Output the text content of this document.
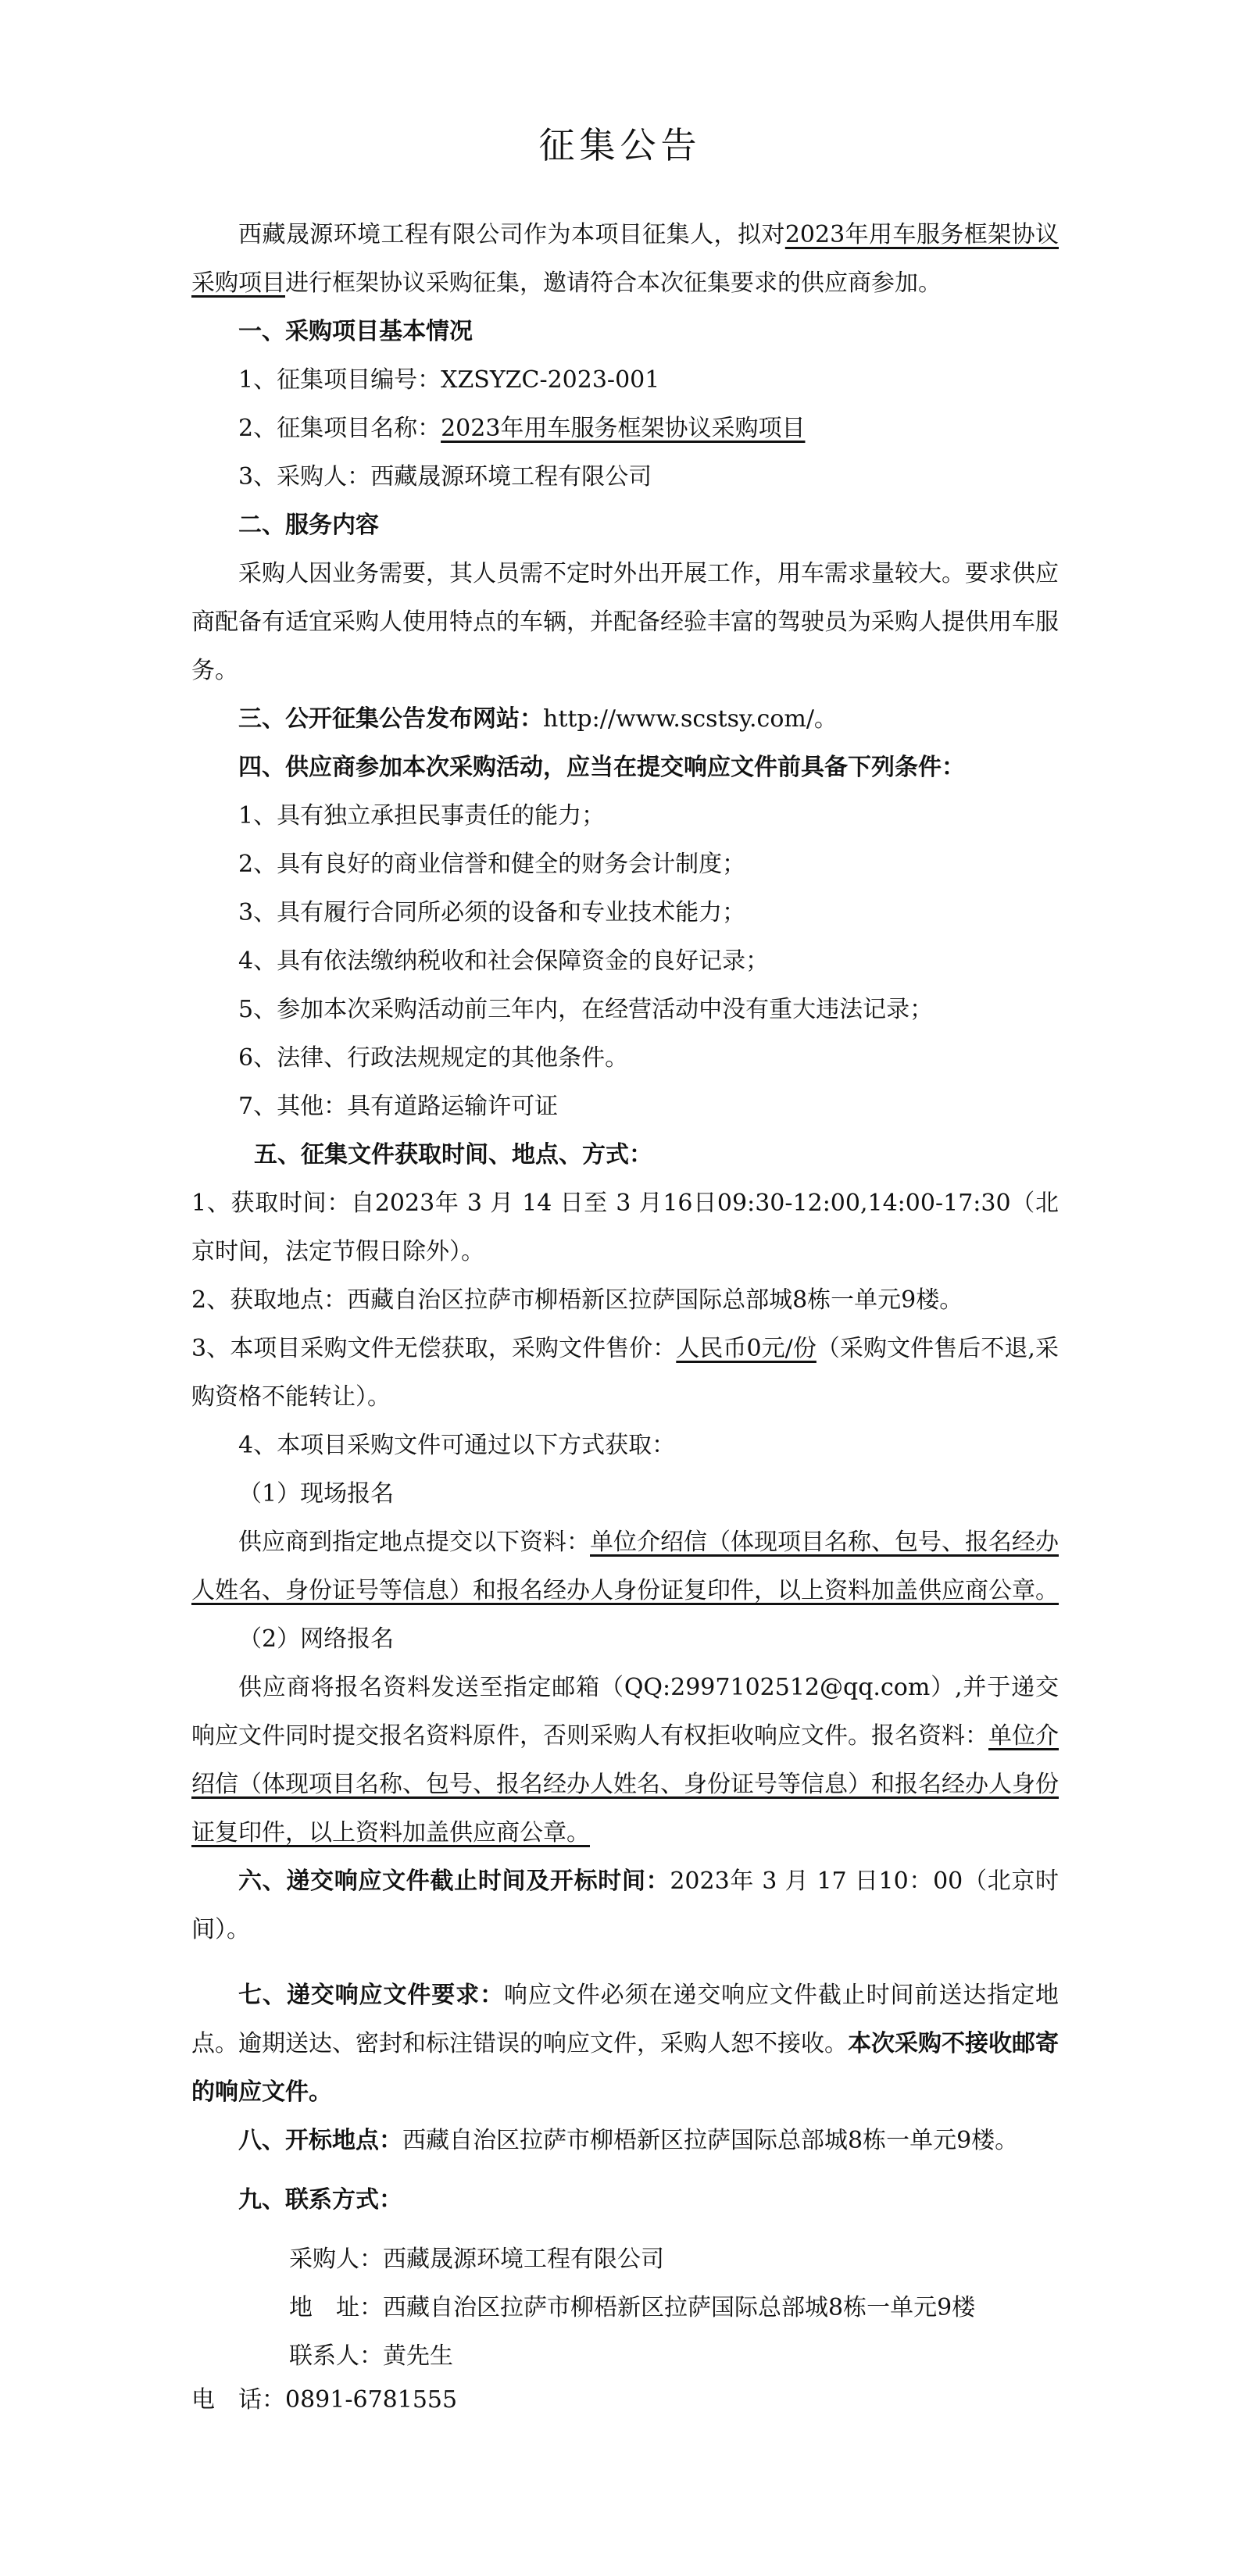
征集公告

西藏晟源环境工程有限公司作为本项目征集人，拟对2023年用车服务框架协议采购项目进行框架协议采购征集，邀请符合本次征集要求的供应商参加。

一、采购项目基本情况

1、征集项目编号：XZSYZC-2023-001

2、征集项目名称：2023年用车服务框架协议采购项目

3、采购人：西藏晟源环境工程有限公司

二、服务内容

采购人因业务需要，其人员需不定时外出开展工作，用车需求量较大。要求供应商配备有适宜采购人使用特点的车辆，并配备经验丰富的驾驶员为采购人提供用车服务。

三、公开征集公告发布网站：http://www.scstsy.com/。

四、供应商参加本次采购活动，应当在提交响应文件前具备下列条件：

1、具有独立承担民事责任的能力；

2、具有良好的商业信誉和健全的财务会计制度；

3、具有履行合同所必须的设备和专业技术能力；

4、具有依法缴纳税收和社会保障资金的良好记录；

5、参加本次采购活动前三年内，在经营活动中没有重大违法记录；

6、法律、行政法规规定的其他条件。

7、其他：具有道路运输许可证

五、征集文件获取时间、地点、方式：

1、获取时间：自2023年 3 月 14 日至 3 月16日09:30-12:00,14:00-17:30（北京时间，法定节假日除外）。

2、获取地点：西藏自治区拉萨市柳梧新区拉萨国际总部城8栋一单元9楼。

3、本项目采购文件无偿获取，采购文件售价：人民币0元/份（采购文件售后不退,采购资格不能转让）。

4、本项目采购文件可通过以下方式获取：

（1）现场报名

供应商到指定地点提交以下资料：单位介绍信（体现项目名称、包号、报名经办人姓名、身份证号等信息）和报名经办人身份证复印件，以上资料加盖供应商公章。

（2）网络报名

供应商将报名资料发送至指定邮箱（QQ:2997102512@qq.com）,并于递交响应文件同时提交报名资料原件，否则采购人有权拒收响应文件。报名资料：单位介绍信（体现项目名称、包号、报名经办人姓名、身份证号等信息）和报名经办人身份证复印件，以上资料加盖供应商公章。

六、递交响应文件截止时间及开标时间：2023年 3 月 17 日10：00（北京时间）。

七、递交响应文件要求：响应文件必须在递交响应文件截止时间前送达指定地点。逾期送达、密封和标注错误的响应文件，采购人恕不接收。本次采购不接收邮寄的响应文件。

八、开标地点：西藏自治区拉萨市柳梧新区拉萨国际总部城8栋一单元9楼。

九、联系方式：

采购人：西藏晟源环境工程有限公司

地　址：西藏自治区拉萨市柳梧新区拉萨国际总部城8栋一单元9楼

联系人：黄先生

电　话：0891-6781555
